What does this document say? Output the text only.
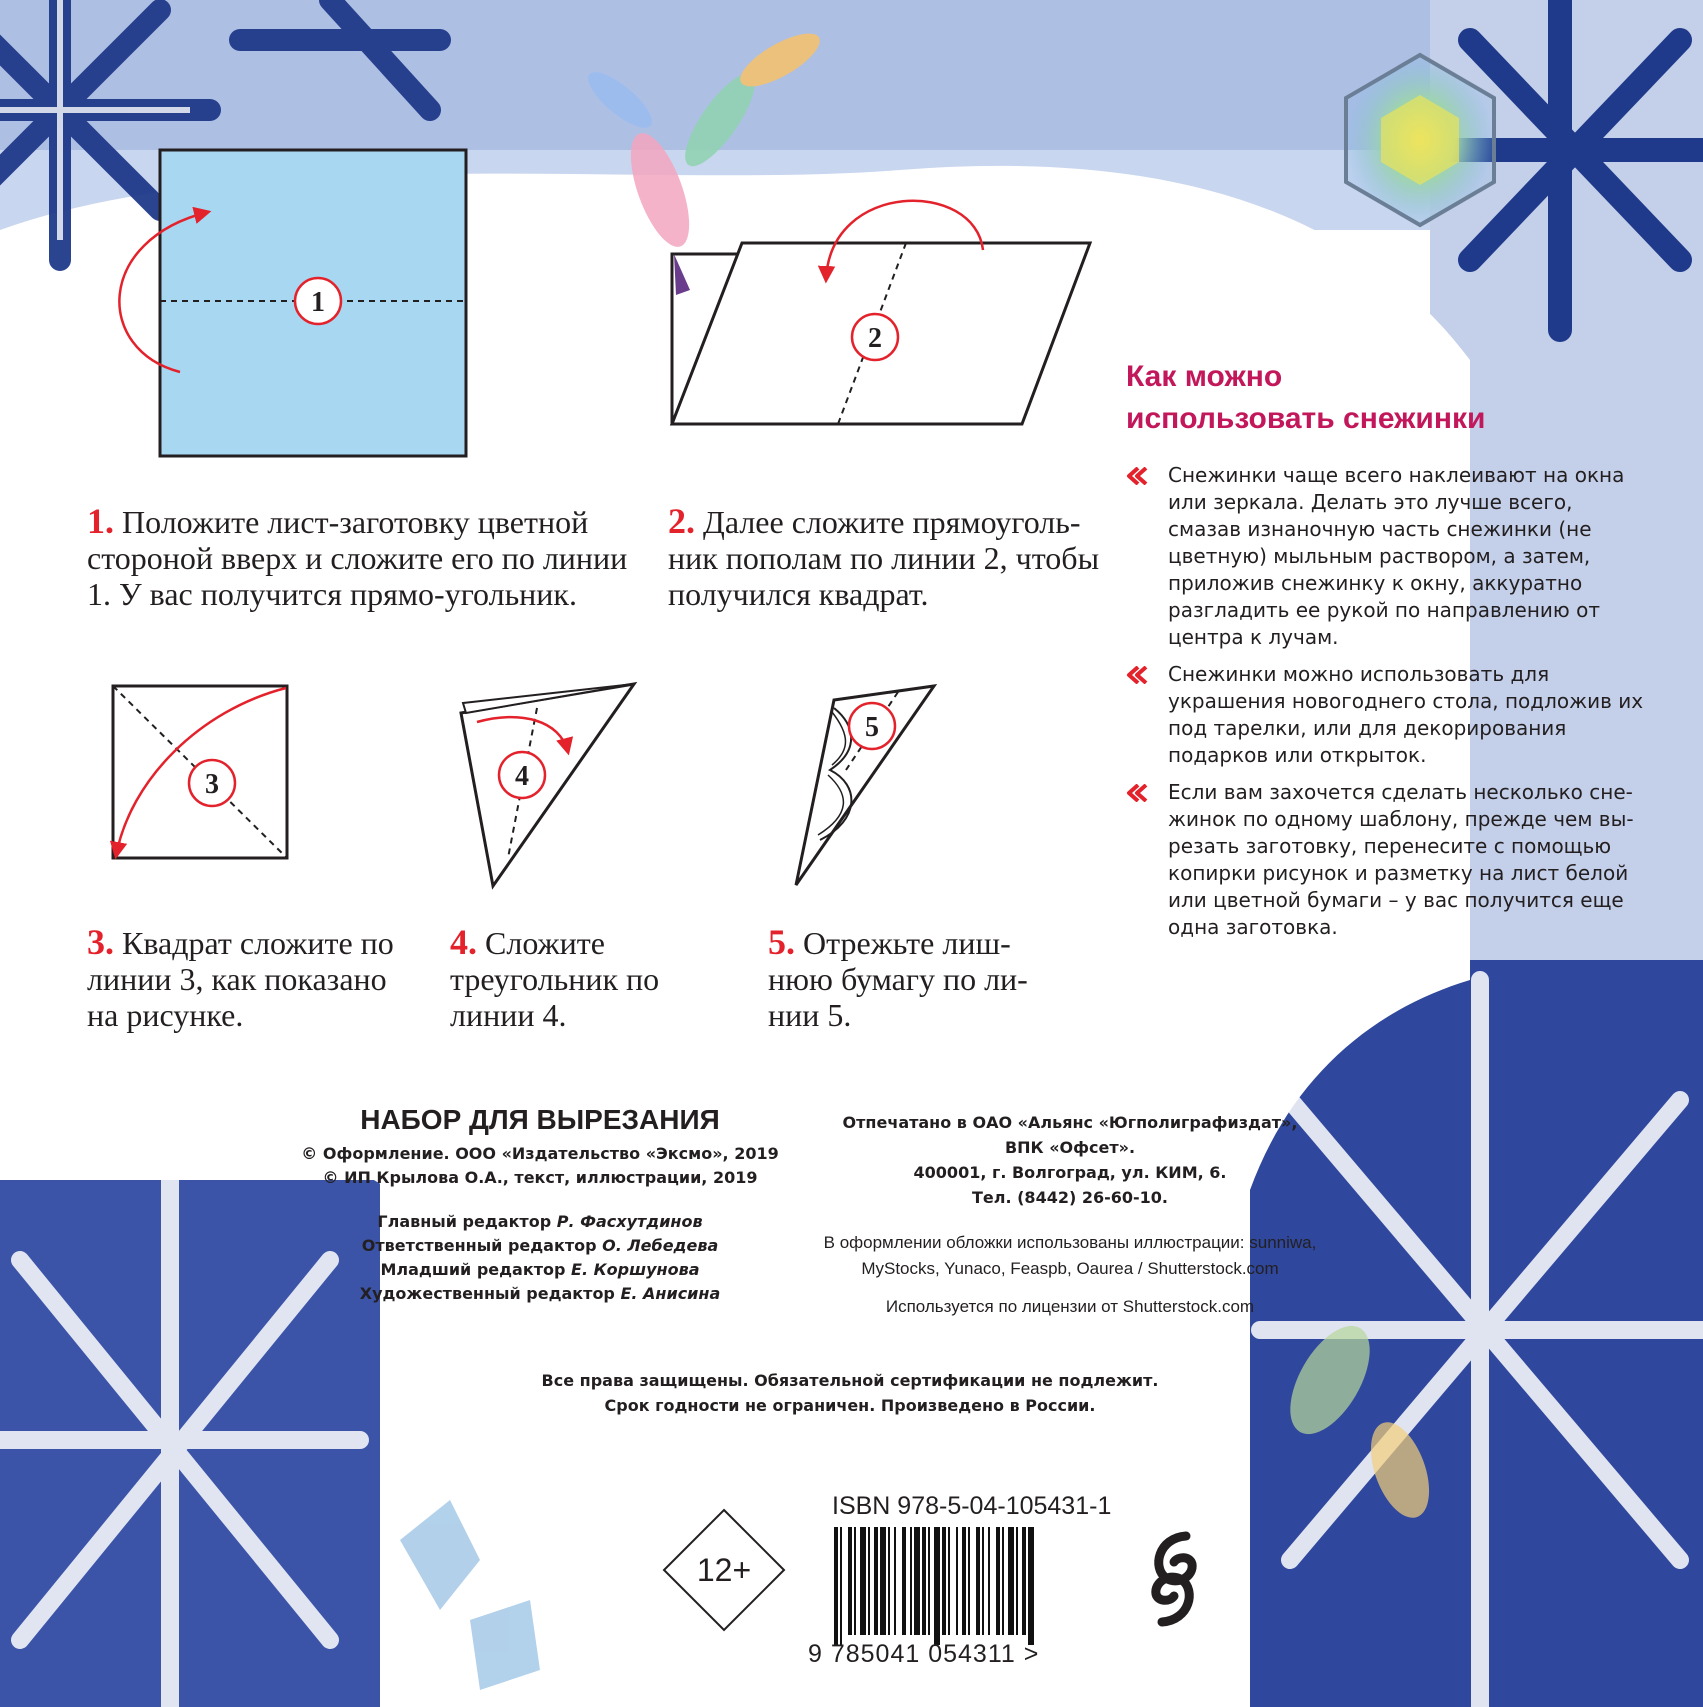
1
2
3	4
5
1. Положите лист-заготовку цветной стороной вверх и сложите его по линии 1. У вас получится прямо-угольник.
2. Далее сложите прямоуголь-ник пополам по линии 2, чтобы получился квадрат.
3. Квадрат сложите по линии 3, как показано на рисунке.
4. Сложите треугольник по линии 4.
5. Отрежьте лиш-нюю бумагу по ли-нии 5.
Как можно
использовать снежинки
Снежинки чаще всего наклеивают на окна или зеркала. Делать это лучше всего, смазав изнаночную часть снежинки (не цветную) мыльным раствором, а затем, приложив снежинку к окну, аккуратно разгладить ее рукой по направлению от центра к лучам.
Снежинки можно использовать для украшения новогоднего стола, подложив их под тарелки, или для декорирования подарков или открыток.
Если вам захочется сделать несколько сне-жинок по одному шаблону, прежде чем вы-резать заготовку, перенесите с помощью копирки рисунок и разметку на лист белой или цветной бумаги – у вас получится еще одна заготовка.
НАБОР ДЛЯ ВЫРЕЗАНИЯ
© Оформление. ООО «Издательство «Эксмо», 2019
© ИП Крылова О.А., текст, иллюстрации, 2019
Главный редактор Р. Фасхутдинов
Ответственный редактор О. Лебедева
Младший редактор Е. Коршунова
Художественный редактор Е. Анисина
Отпечатано в ОАО «Альянс «Югполиграфиздат»,
ВПК «Офсет».
400001, г. Волгоград, ул. КИМ, 6.
Тел. (8442) 26-60-10.
В оформлении обложки использованы иллюстрации: sunniwa,
MyStocks, Yunaco, Feaspb, Oaurea / Shutterstock.com
Используется по лицензии от Shutterstock.com
Все права защищены. Обязательной сертификации не подлежит.
Срок годности не ограничен. Произведено в России.
12+
ISBN 978-5-04-105431-1
9 785041 054311 >
